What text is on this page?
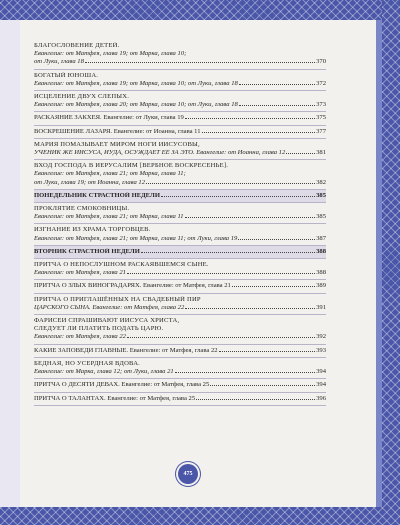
БЛАГОСЛОВЕНИЕ ДЕТЕЙ.
Евангелие: от Матфея, глава 19; от Марка, глава 10;
от Луки, глава 18	370
БОГАТЫЙ ЮНОША.
Евангелие: от Матфея, глава 19; от Марка, глава 10; от Луки, глава 18	372
ИСЦЕЛЕНИЕ ДВУХ СЛЕПЫХ.
Евангелие: от Матфея, глава 20; от Марка, глава 10; от Луки, глава 18	373
РАСКАЯНИЕ ЗАКХЕЯ. Евангелие: от Луки, глава 19	375
ВОСКРЕШЕНИЕ ЛАЗАРЯ. Евангелие: от Иоанна, глава 11	377
МАРИЯ ПОМАЗЫВАЕТ МИРОМ НОГИ ИИСУСОВЫ,
УЧЕНИК ЖЕ ИИСУСА, ИУДА, ОСУЖДАЕТ ЕЁ ЗА ЭТО. Евангелие: от Иоанна, глава 12	381
ВХОД ГОСПОДА В ИЕРУСАЛИМ [ВЕРБНОЕ ВОСКРЕСЕНЬЕ].
Евангелие: от Матфея, глава 21; от Марка, глава 11;
от Луки, глава 19; от Иоанна, глава 12	382
ПОНЕДЕЛЬНИК СТРАСТНОЙ НЕДЕЛИ	385
ПРОКЛЯТИЕ СМОКОВНИЦЫ.
Евангелие: от Матфея, глава 21; от Марка, глава 11	385
ИЗГНАНИЕ ИЗ ХРАМА ТОРГОВЦЕВ.
Евангелие: от Матфея, глава 21; от Марка, глава 11; от Луки, глава 19	387
ВТОРНИК СТРАСТНОЙ НЕДЕЛИ	388
ПРИТЧА О НЕПОСЛУШНОМ РАСКАЯВШЕМСЯ СЫНЕ.
Евангелие: от Матфея, глава 21	388
ПРИТЧА О ЗЛЫХ ВИНОГРАДАРЯХ. Евангелие: от Матфея, глава 21	389
ПРИТЧА О ПРИГЛАШЁННЫХ НА СВАДЕБНЫЙ ПИР
ЦАРСКОГО СЫНА. Евангелие: от Матфея, глава 22	391
ФАРИСЕИ СПРАШИВАЮТ ИИСУСА ХРИСТА,
СЛЕДУЕТ ЛИ ПЛАТИТЬ ПОДАТЬ ЦАРЮ.
Евангелие: от Матфея, глава 22	392
КАКИЕ ЗАПОВЕДИ ГЛАВНЫЕ. Евангелие: от Матфея, глава 22	393
БЕДНАЯ, НО УСЕРДНАЯ ВДОВА.
Евангелие: от Марка, глава 12; от Луки, глава 21	394
ПРИТЧА О ДЕСЯТИ ДЕВАХ. Евангелие: от Матфея, глава 25	394
ПРИТЧА О ТАЛАНТАХ. Евангелие: от Матфея, глава 25	396
475
